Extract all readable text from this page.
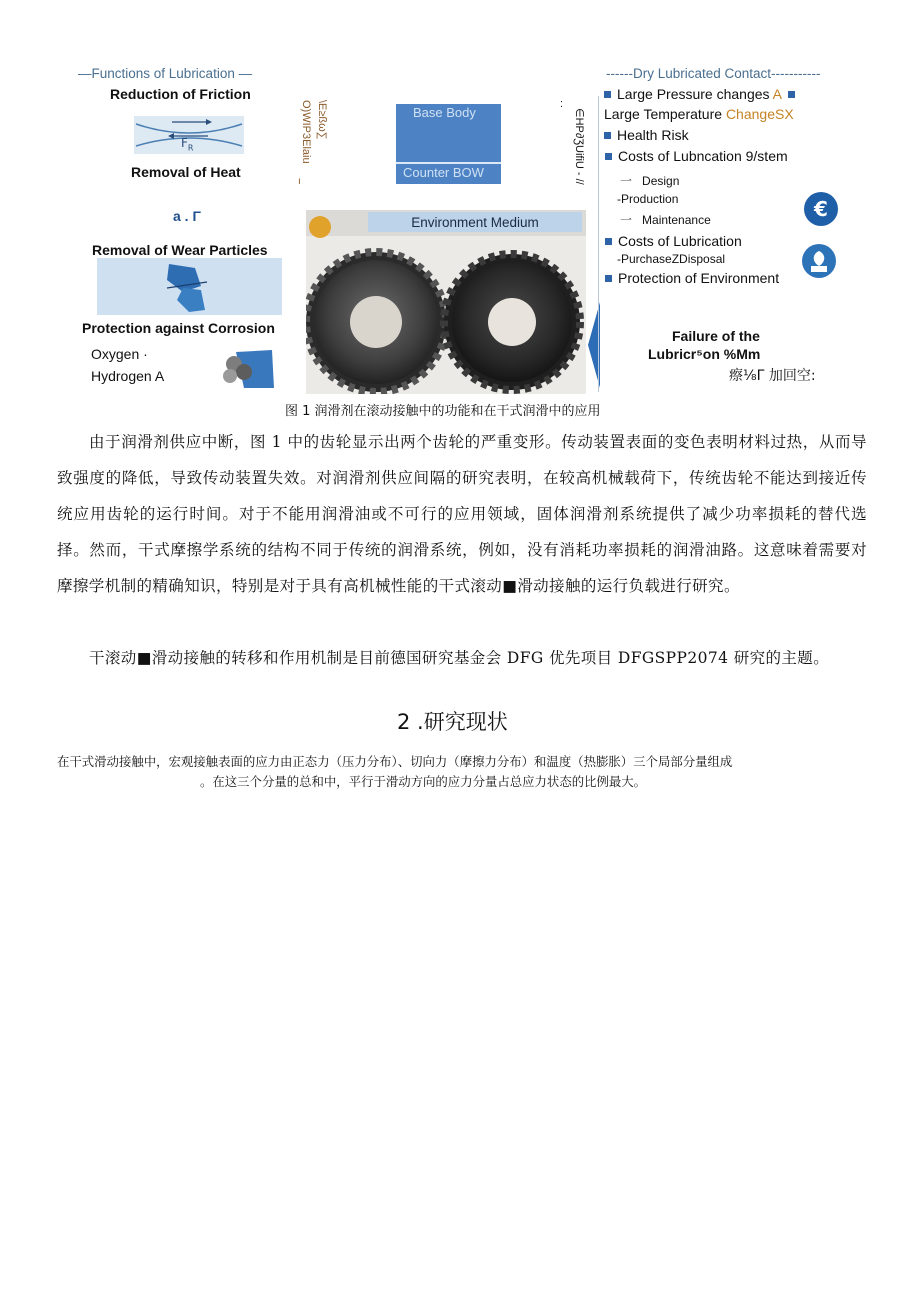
—Functions of Lubrication —
Reduction of Friction
$F_R$
Removal of Heat
a . Γ
Removal of Wear Particles
Protection against Corrosion
Oxygen ·
Hydrogen A
\E≥ßω∑
O)WIP3Elaiu
ı
Base Body
Counter BOW
:
∈HP∂ƷUifiU - //
Environment Medium
------Dry Lubricated Contact-----------
Large Pressure changes A
Large Temperature ChangeSX
Health Risk
Costs of Lubncation 9/stem
一 Design
-Production
一 Maintenance	€
Costs of Lubrication
-PurchaseZDisposal
Protection of Environment
Failure of the
Lubricr⁵on %Mm
瘵⅛Γ 加回空:
图 1 润滑剂在滚动接触中的功能和在干式润滑中的应用
由于润滑剂供应中断，图 1 中的齿轮显示出两个齿轮的严重变形。传动装置表面的变色表明材料过热，从而导致强度的降低，导致传动装置失效。对润滑剂供应间隔的研究表明，在较高机械载荷下，传统齿轮不能达到接近传统应用齿轮的运行时间。对于不能用润滑油或不可行的应用领域，固体润滑剂系统提供了减少功率损耗的替代选择。然而，干式摩擦学系统的结构不同于传统的润滑系统，例如，没有消耗功率损耗的润滑油路。这意味着需要对摩擦学机制的精确知识，特别是对于具有高机械性能的干式滚动■滑动接触的运行负载进行研究。
干滚动■滑动接触的转移和作用机制是目前德国研究基金会 DFG 优先项目 DFGSPP2074 研究的主题。
2 .研究现状
在干式滑动接触中，宏观接触表面的应力由正态力（压力分布）、切向力（摩擦力分布）和温度（热膨胀）三个局部分量组成
。在这三个分量的总和中，平行于滑动方向的应力分量占总应力状态的比例最大。
